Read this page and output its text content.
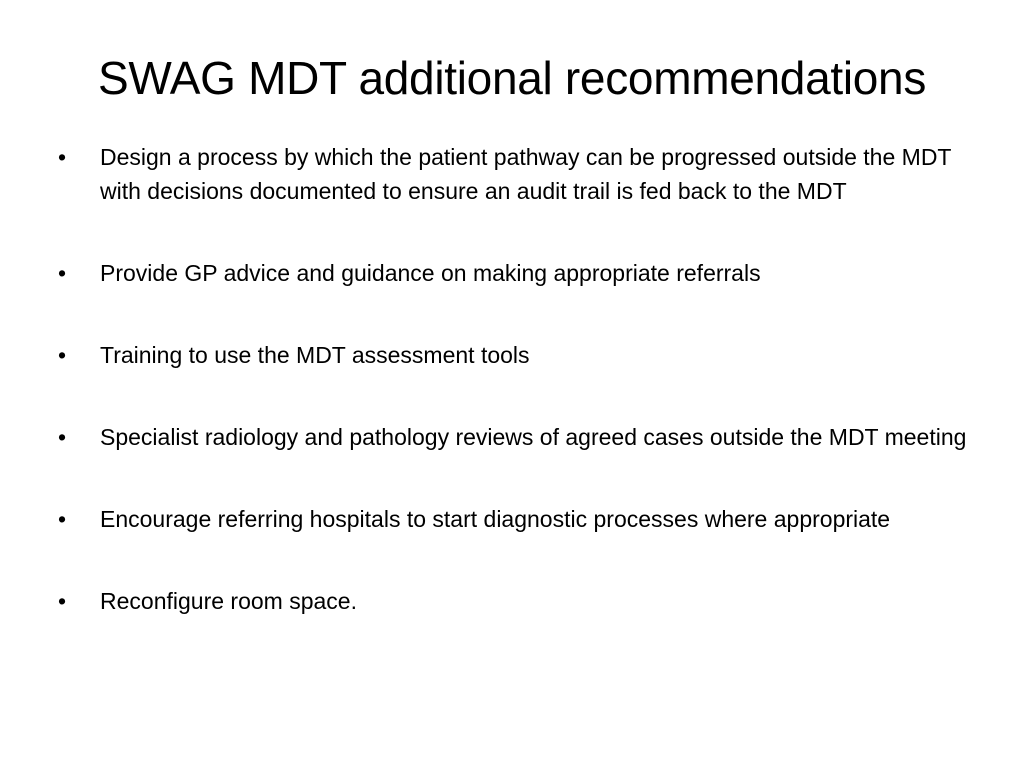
SWAG MDT additional recommendations
•	Design a process by which the patient pathway can be progressed outside the MDT with decisions documented to ensure an audit trail is fed back to the MDT
•	Provide GP advice and guidance on making appropriate referrals
•	Training to use the MDT assessment tools
•	Specialist radiology and pathology reviews of agreed cases outside the MDT meeting
•	Encourage referring hospitals to start diagnostic processes where appropriate
•	Reconfigure room space.
